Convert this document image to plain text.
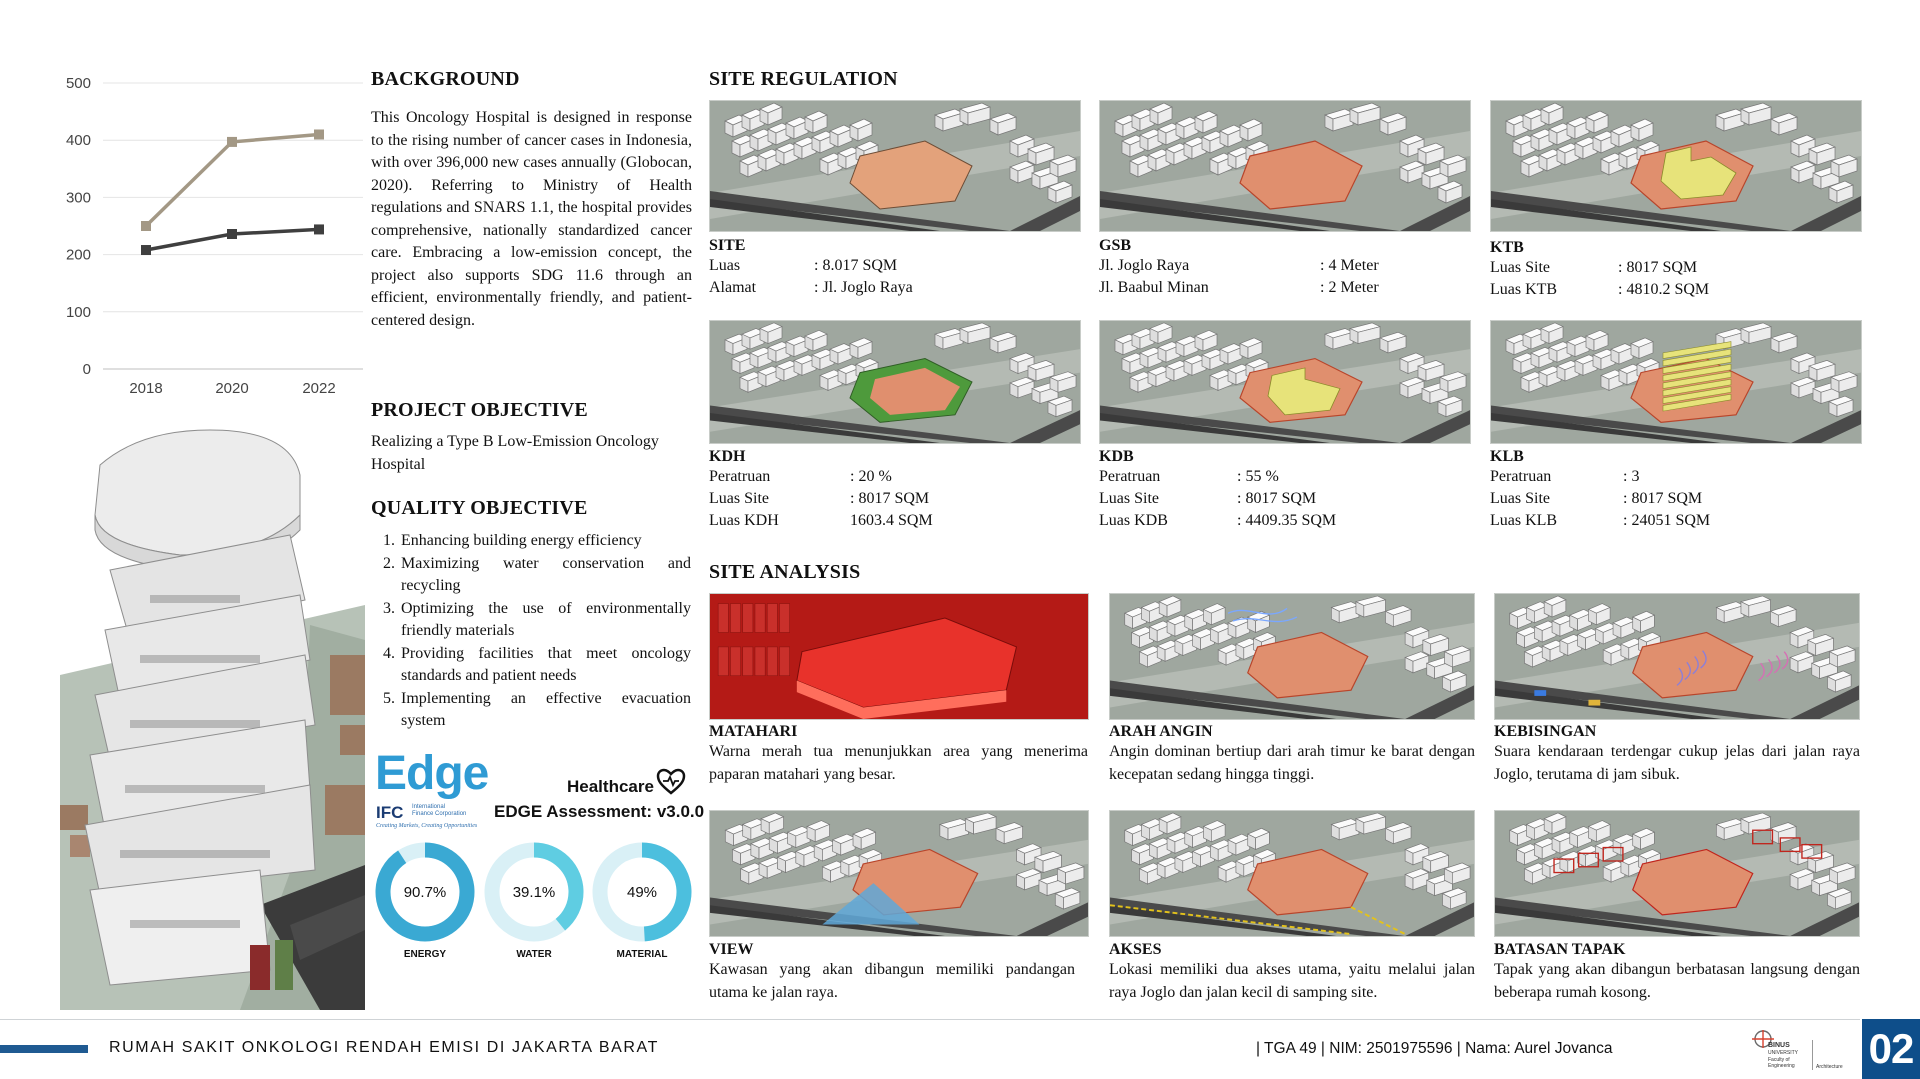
500
400
300
200
100
0
2018	2020	2022
BACKGROUND

This Oncology Hospital is designed in response to the rising number of cancer cases in Indonesia, with over 396,000 new cases annually (Globocan, 2020). Referring to Ministry of Health regulations and SNARS 1.1, the hospital provides comprehensive, nationally standardized cancer care. Embracing a low-emission concept, the project also supports SDG 11.6 through an efficient, environmentally friendly, and patient-centered design.

PROJECT OBJECTIVE

Realizing a Type B Low-Emission Oncology Hospital

QUALITY OBJECTIVE
1. Enhancing building energy efficiency
2. Maximizing water conservation and recycling
3. Optimizing the use of environmentally friendly materials
4. Providing facilities that meet oncology standards and patient needs
5. Implementing an effective evacuation system
Edge
IFC International
Finance Corporation
Creating Markets, Creating Opportunities
Healthcare
EDGE Assessment: v3.0.0
90.7%
ENERGY
39.1%
WATER
49%
MATERIAL
SITE REGULATION

SITE

Luas	: 8.017 SQM
Alamat	: Jl. Joglo Raya

GSB

Jl. Joglo Raya	: 4 Meter
Jl. Baabul Minan	: 2 Meter

KTB

Luas Site	: 8017 SQM
Luas KTB	: 4810.2 SQM

KDH

Peratruan	: 20 %
Luas Site	: 8017 SQM
Luas KDH	1603.4 SQM

KDB

Peratruan	: 55 %
Luas Site	: 8017 SQM
Luas KDB	: 4409.35 SQM

KLB

Peratruan	: 3
Luas Site	: 8017 SQM
Luas KLB	: 24051 SQM
SITE ANALYSIS

MATAHARI

Warna merah tua menunjukkan area yang menerima paparan matahari yang besar.

ARAH ANGIN

Angin dominan bertiup dari arah timur ke barat dengan kecepatan sedang hingga tinggi.

KEBISINGAN

Suara kendaraan terdengar cukup jelas dari jalan raya Joglo, terutama di jam sibuk.

VIEW

Kawasan yang akan dibangun memiliki pandangan utama ke jalan raya.

AKSES

Lokasi memiliki dua akses utama, yaitu melalui jalan raya Joglo dan jalan kecil di samping site.

BATASAN TAPAK

Tapak yang akan dibangun berbatasan langsung dengan beberapa rumah kosong.

RUMAH SAKIT ONKOLOGI RENDAH EMISI DI JAKARTA BARAT	| TGA 49 | NIM: 2501975596 | Nama: Aurel Jovanca	BINUS
UNIVERSITY
Faculty of
Engineering	Architecture 02
